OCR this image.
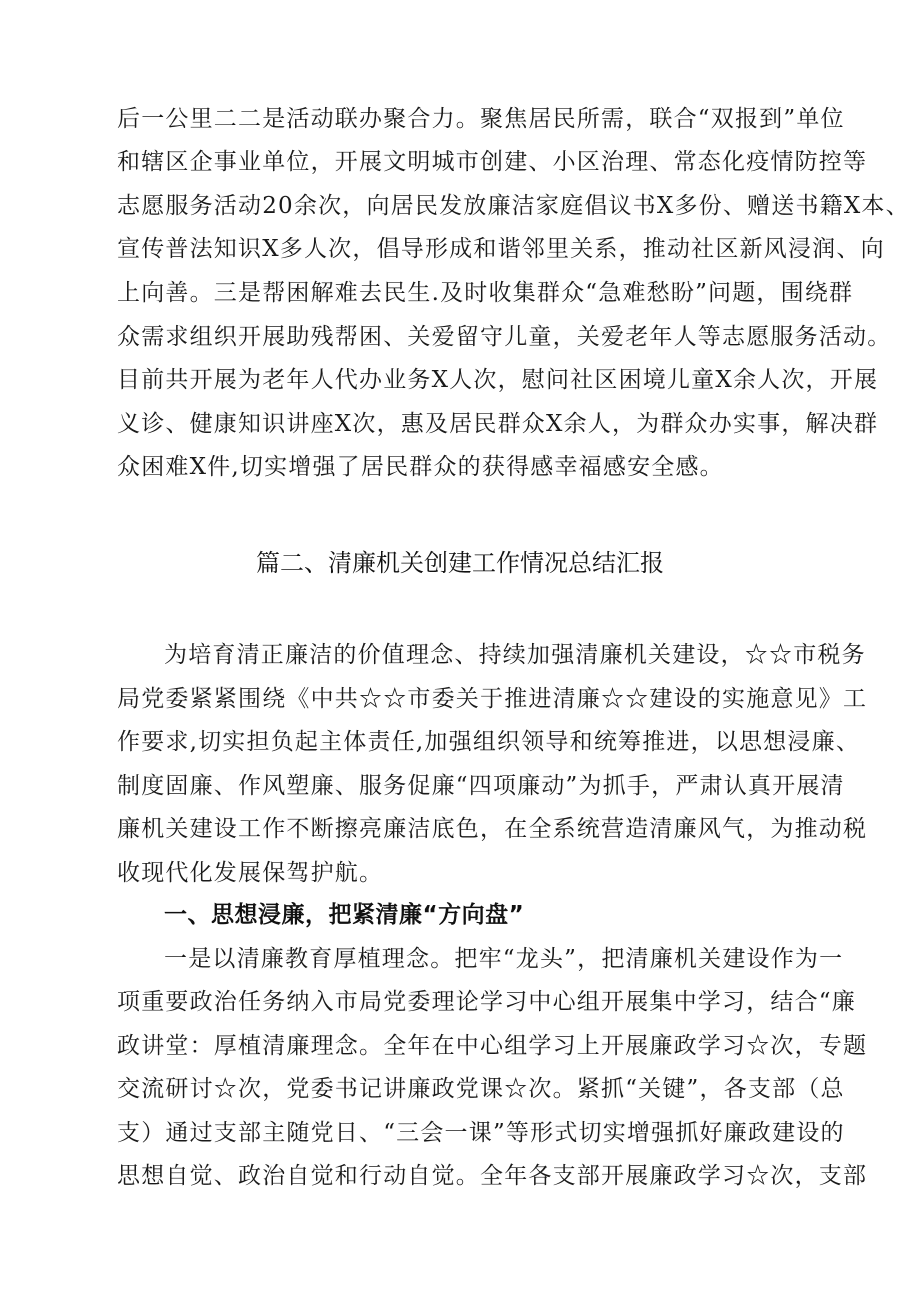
后一公里二二是活动联办聚合力。聚焦居民所需，联合“双报到”单位
和辖区企事业单位，开展文明城市创建、小区治理、常态化疫情防控等
志愿服务活动20余次，向居民发放廉洁家庭倡议书X多份、赠送书籍X本、
宣传普法知识X多人次，倡导形成和谐邻里关系，推动社区新风浸润、向
上向善。三是帮困解难去民生.及时收集群众“急难愁盼”问题，围绕群
众需求组织开展助残帮困、关爱留守儿童，关爱老年人等志愿服务活动。
目前共开展为老年人代办业务X人次，慰问社区困境儿童X余人次，开展
义诊、健康知识讲座X次，惠及居民群众X余人，为群众办实事，解决群
众困难X件,切实增强了居民群众的获得感幸福感安全感。
篇二、清廉机关创建工作情况总结汇报
为培育清正廉洁的价值理念、持续加强清廉机关建设，☆☆市税务
局党委紧紧围绕《中共☆☆市委关于推进清廉☆☆建设的实施意见》工
作要求,切实担负起主体责任,加强组织领导和统筹推进，以思想浸廉、
制度固廉、作风塑廉、服务促廉“四项廉动”为抓手，严肃认真开展清
廉机关建设工作不断擦亮廉洁底色，在全系统营造清廉风气，为推动税
收现代化发展保驾护航。
一、思想浸廉，把紧清廉“方向盘”
一是以清廉教育厚植理念。把牢“龙头”，把清廉机关建设作为一
项重要政治任务纳入市局党委理论学习中心组开展集中学习，结合“廉
政讲堂：厚植清廉理念。全年在中心组学习上开展廉政学习☆次，专题
交流研讨☆次，党委书记讲廉政党课☆次。紧抓“关键”，各支部（总
支）通过支部主随党日、“三会一课”等形式切实增强抓好廉政建设的
思想自觉、政治自觉和行动自觉。全年各支部开展廉政学习☆次，支部
